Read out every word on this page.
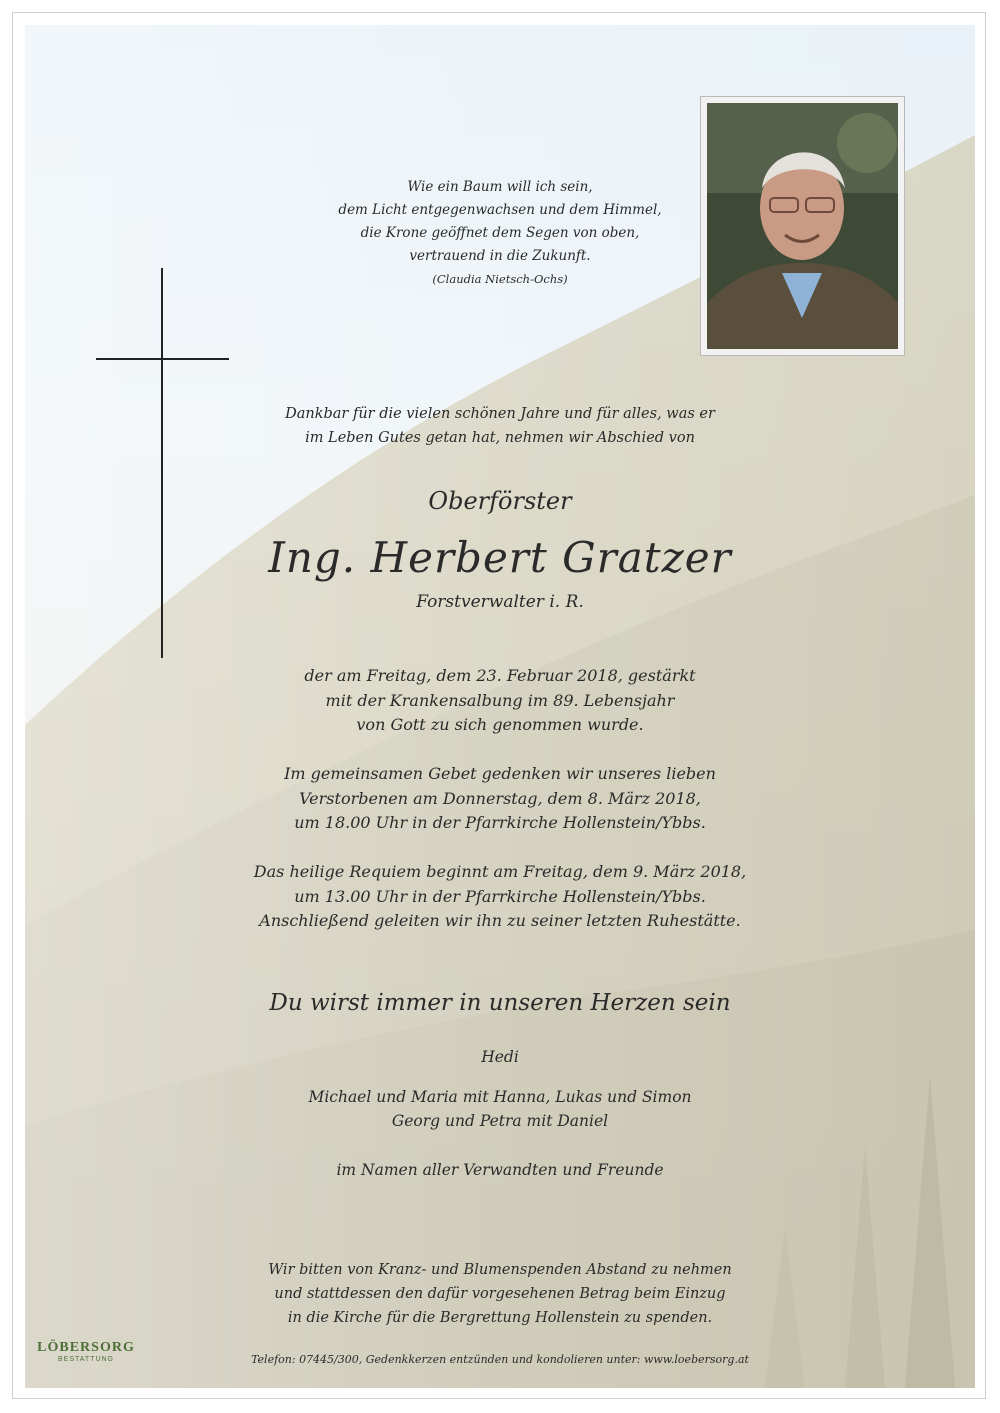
Wie ein Baum will ich sein,
dem Licht entgegenwachsen und dem Himmel,
die Krone geöffnet dem Segen von oben,
vertrauend in die Zukunft.
(Claudia Nietsch-Ochs)
Dankbar für die vielen schönen Jahre und für alles, was er
im Leben Gutes getan hat, nehmen wir Abschied von
Oberförster
Ing. Herbert Gratzer
Forstverwalter i. R.
der am Freitag, dem 23. Februar 2018, gestärkt
mit der Krankensalbung im 89. Lebensjahr
von Gott zu sich genommen wurde.
Im gemeinsamen Gebet gedenken wir unseres lieben
Verstorbenen am Donnerstag, dem 8. März 2018,
um 18.00 Uhr in der Pfarrkirche Hollenstein/Ybbs.
Das heilige Requiem beginnt am Freitag, dem 9. März 2018,
um 13.00 Uhr in der Pfarrkirche Hollenstein/Ybbs.
Anschließend geleiten wir ihn zu seiner letzten Ruhestätte.
Du wirst immer in unseren Herzen sein
Hedi
Michael und Maria mit Hanna, Lukas und Simon
Georg und Petra mit Daniel
im Namen aller Verwandten und Freunde
Wir bitten von Kranz- und Blumenspenden Abstand zu nehmen
und stattdessen den dafür vorgesehenen Betrag beim Einzug
in die Kirche für die Bergrettung Hollenstein zu spenden.
LÖBERSORG
BESTATTUNG	Telefon: 07445/300, Gedenkkerzen entzünden und kondolieren unter: www.loebersorg.at
